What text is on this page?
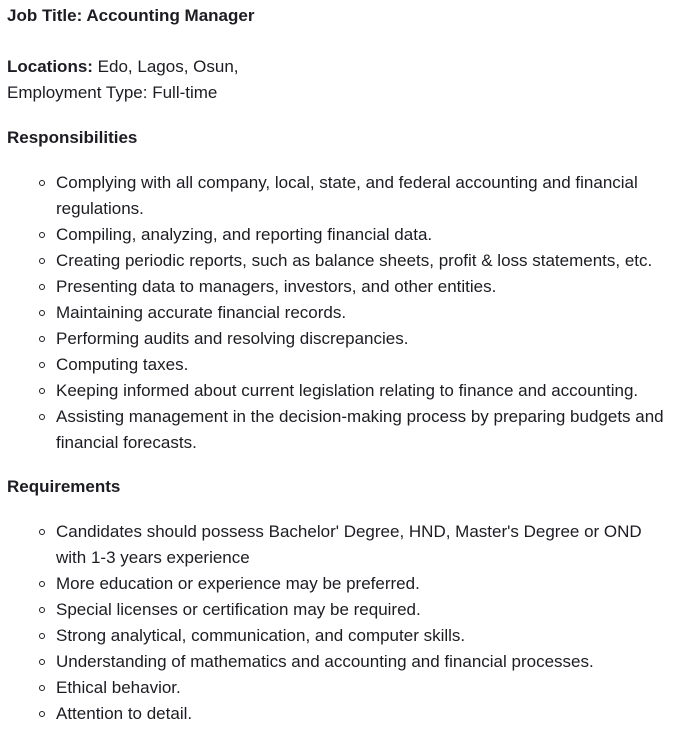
Job Title: Accounting Manager

Locations: Edo, Lagos, Osun,

Employment Type: Full-time

Responsibilities

Complying with all company, local, state, and federal accounting and financial regulations.
Compiling, analyzing, and reporting financial data.
Creating periodic reports, such as balance sheets, profit & loss statements, etc.
Presenting data to managers, investors, and other entities.
Maintaining accurate financial records.
Performing audits and resolving discrepancies.
Computing taxes.
Keeping informed about current legislation relating to finance and accounting.
Assisting management in the decision-making process by preparing budgets and financial forecasts.

Requirements

Candidates should possess Bachelor' Degree, HND, Master's Degree or OND with 1-3 years experience
More education or experience may be preferred.
Special licenses or certification may be required.
Strong analytical, communication, and computer skills.
Understanding of mathematics and accounting and financial processes.
Ethical behavior.
Attention to detail.
